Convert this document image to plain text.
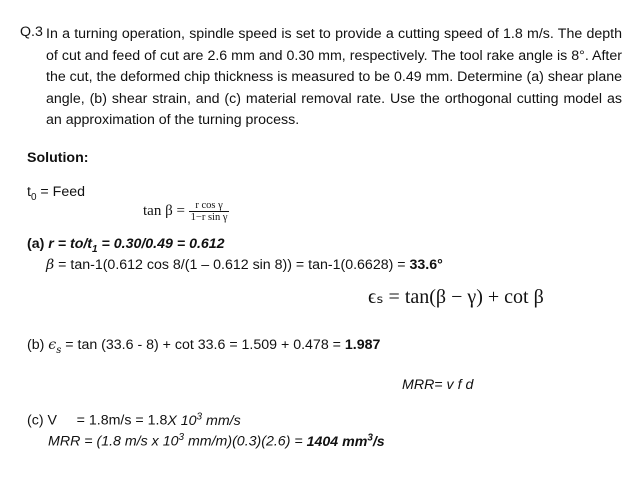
Q.3 In a turning operation, spindle speed is set to provide a cutting speed of 1.8 m/s. The depth of cut and feed of cut are 2.6 mm and 0.30 mm, respectively. The tool rake angle is 8°. After the cut, the deformed chip thickness is measured to be 0.49 mm. Determine (a) shear plane angle, (b) shear strain, and (c) material removal rate. Use the orthogonal cutting model as an approximation of the turning process.
Solution:
$t_0$ = Feed
$\tan \beta = \frac{\text{r cos γ}}{\text{1−r sin γ}}$
(a) $r = to/t_1 = 0.30/0.49 = 0.612$
β = tan-1(0.612 cos 8/(1 – 0.612 sin 8)) = tan-1(0.6628) = 33.6°
ϵₛ = tan(β − γ) + cot β
(b) $\epsilon_s = \tan (33.6 - 8) + \cot 33.6 = 1.509 + 0.478 = 1.987$
MRR= v f d
(c) V     = 1.8m/s = 1.8X $10^3$ mm/s
MRR = (1.8 m/s x $10^3$ mm/m)(0.3)(2.6) = 1404 $mm^3/s$
